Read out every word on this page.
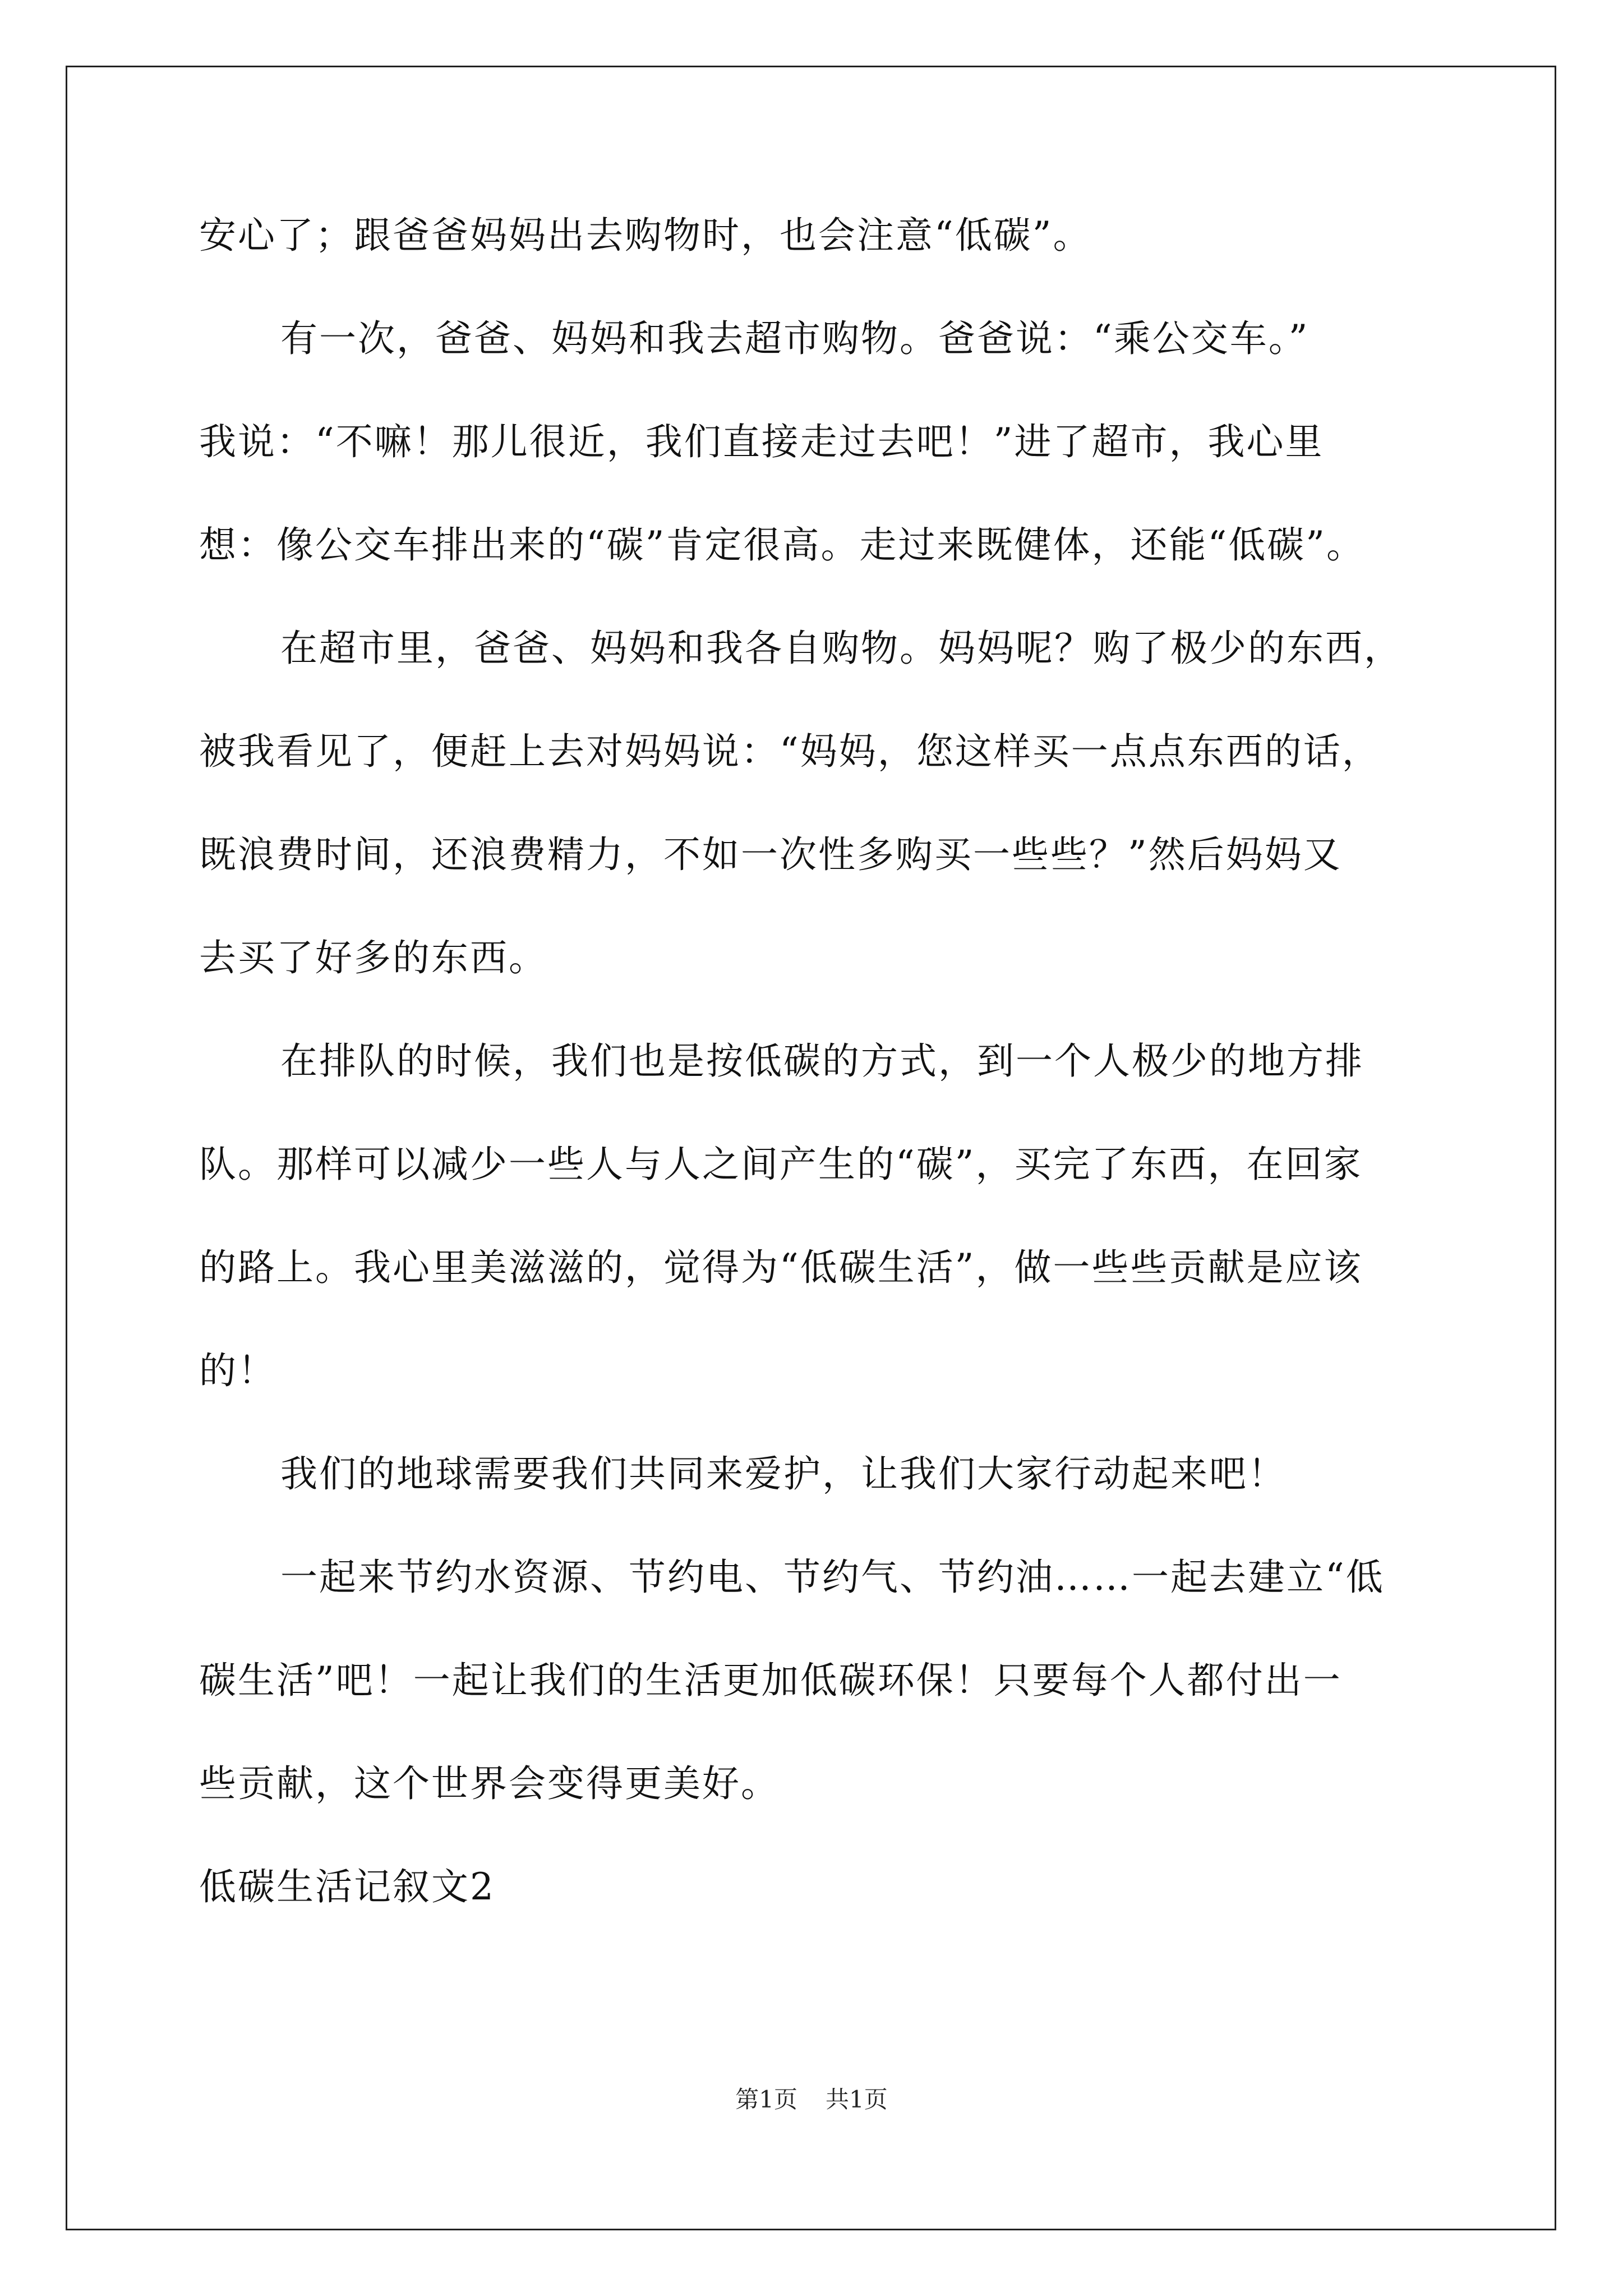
安心了；跟爸爸妈妈出去购物时，也会注意“低碳”。
有一次，爸爸、妈妈和我去超市购物。爸爸说：“乘公交车。”
我说：“不嘛！那儿很近，我们直接走过去吧！”进了超市，我心里
想：像公交车排出来的“碳”肯定很高。走过来既健体，还能“低碳”。
在超市里，爸爸、妈妈和我各自购物。妈妈呢？购了极少的东西，
被我看见了，便赶上去对妈妈说：“妈妈，您这样买一点点东西的话，
既浪费时间，还浪费精力，不如一次性多购买一些些？”然后妈妈又
去买了好多的东西。
在排队的时候，我们也是按低碳的方式，到一个人极少的地方排
队。那样可以减少一些人与人之间产生的“碳”，买完了东西，在回家
的路上。我心里美滋滋的，觉得为“低碳生活”，做一些些贡献是应该
的！
我们的地球需要我们共同来爱护，让我们大家行动起来吧！
一起来节约水资源、节约电、节约气、节约油……一起去建立“低
碳生活”吧！一起让我们的生活更加低碳环保！只要每个人都付出一
些贡献，这个世界会变得更美好。
低碳生活记叙文2
第1页 共1页
